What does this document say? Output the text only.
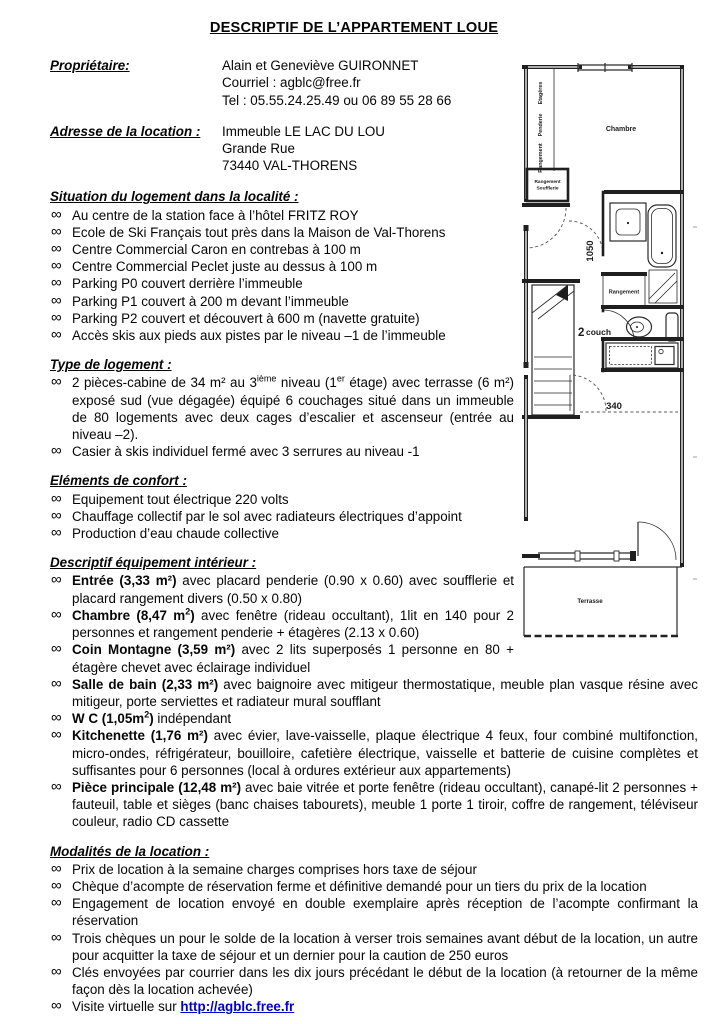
DESCRIPTIF DE L’APPARTEMENT LOUE
Etagères
Penderie
Rangement
Chambre
Rangement
Soufflerie
1050
Rangement
2 couch
340
Terrasse
Propriétaire:	Alain et Geneviève GUIRONNET
Courriel : agblc@free.fr
Tel : 05.55.24.25.49 ou 06 89 55 28 66
Adresse de la location :	Immeuble LE LAC DU LOU
Grande Rue
73440 VAL-THORENS
Situation du logement dans la localité :
∞ Au centre de la station face à l’hôtel FRITZ ROY
∞ Ecole de Ski Français tout près dans la Maison de Val-Thorens
∞ Centre Commercial Caron en contrebas à 100 m
∞ Centre Commercial Peclet juste au dessus à 100 m
∞ Parking P0 couvert derrière l’immeuble
∞ Parking P1 couvert à 200 m devant l’immeuble
∞ Parking P2 couvert et découvert à 600 m (navette gratuite)
∞ Accès skis aux pieds aux pistes par le niveau –1 de l’immeuble
Type de logement :
∞ 2 pièces-cabine de 34 m² au 3ième niveau (1er étage) avec terrasse (6 m²) exposé sud (vue dégagée) équipé 6 couchages situé dans un immeuble de 80 logements avec deux cages d’escalier et ascenseur (entrée au niveau –2).
∞ Casier à skis individuel fermé avec 3 serrures au niveau -1
Eléments de confort :
∞ Equipement tout électrique 220 volts
∞ Chauffage collectif par le sol avec radiateurs électriques d’appoint
∞ Production d’eau chaude collective
Descriptif équipement intérieur :
∞ Entrée (3,33 m²) avec placard penderie (0.90 x 0.60) avec soufflerie et placard rangement divers (0.50 x 0.80)
∞ Chambre (8,47 $m^2$) avec fenêtre (rideau occultant), 1lit en 140 pour 2 personnes et rangement penderie + étagères (2.13 x 0.60)
∞ Coin Montagne (3,59 m²) avec 2 lits superposés 1 personne en 80 + étagère chevet avec éclairage individuel
∞ Salle de bain (2,33 m²) avec baignoire avec mitigeur thermostatique, meuble plan vasque résine avec mitigeur, porte serviettes et radiateur mural soufflant
∞ W C $(1,05m^2)$ indépendant
∞ Kitchenette (1,76 m²) avec évier, lave-vaisselle, plaque électrique 4 feux, four combiné multifonction, micro-ondes, réfrigérateur, bouilloire, cafetière électrique, vaisselle et batterie de cuisine complètes et suffisantes pour 6 personnes (local à ordures extérieur aux appartements)
∞ Pièce principale (12,48 m²) avec baie vitrée et porte fenêtre (rideau occultant), canapé-lit 2 personnes + fauteuil, table et sièges (banc chaises tabourets), meuble 1 porte 1 tiroir, coffre de rangement, téléviseur couleur, radio CD cassette
Modalités de la location :
∞ Prix de location à la semaine charges comprises hors taxe de séjour
∞ Chèque d’acompte de réservation ferme et définitive demandé pour un tiers du prix de la location
∞ Engagement de location envoyé en double exemplaire après réception de l’acompte confirmant la réservation
∞ Trois chèques un pour le solde de la location à verser trois semaines avant début de la location, un autre pour acquitter la taxe de séjour et un dernier pour la caution de 250 euros
∞ Clés envoyées par courrier dans les dix jours précédant le début de la location (à retourner de la même façon dès la location achevée)
∞ Visite virtuelle sur http://agblc.free.fr
